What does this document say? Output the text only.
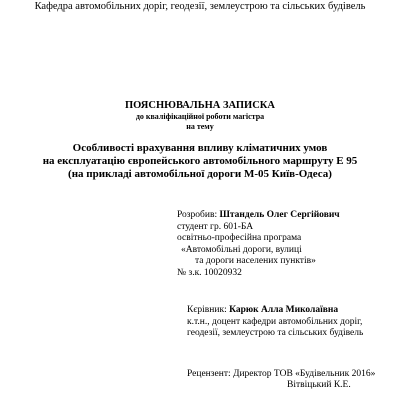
Кафедра автомобільних доріг, геодезії, землеустрою та сільських будівель
ПОЯСНЮВАЛЬНА ЗАПИСКА
до кваліфікаційної роботи магістра
на тему
Особливості врахування впливу кліматичних умов
на експлуатацію європейського автомобільного маршруту Е 95
(на прикладі автомобільної дороги М-05 Київ-Одеса)
Розробив: Штандель Олег Сергійович
студент гр. 601-БА
освітньо-професійна програма
«Автомобільні дороги, вулиці
та дороги населених пунктів»
№ з.к. 10020932
Кєрівник: Карюк Алла Миколаївна
к.т.н., доцент кафедри автомобільних доріг,
геодезії, землеустрою та сільських будівель
Рецензент: Директор ТОВ «Будівельник 2016»
Вітвіцький К.Е.
